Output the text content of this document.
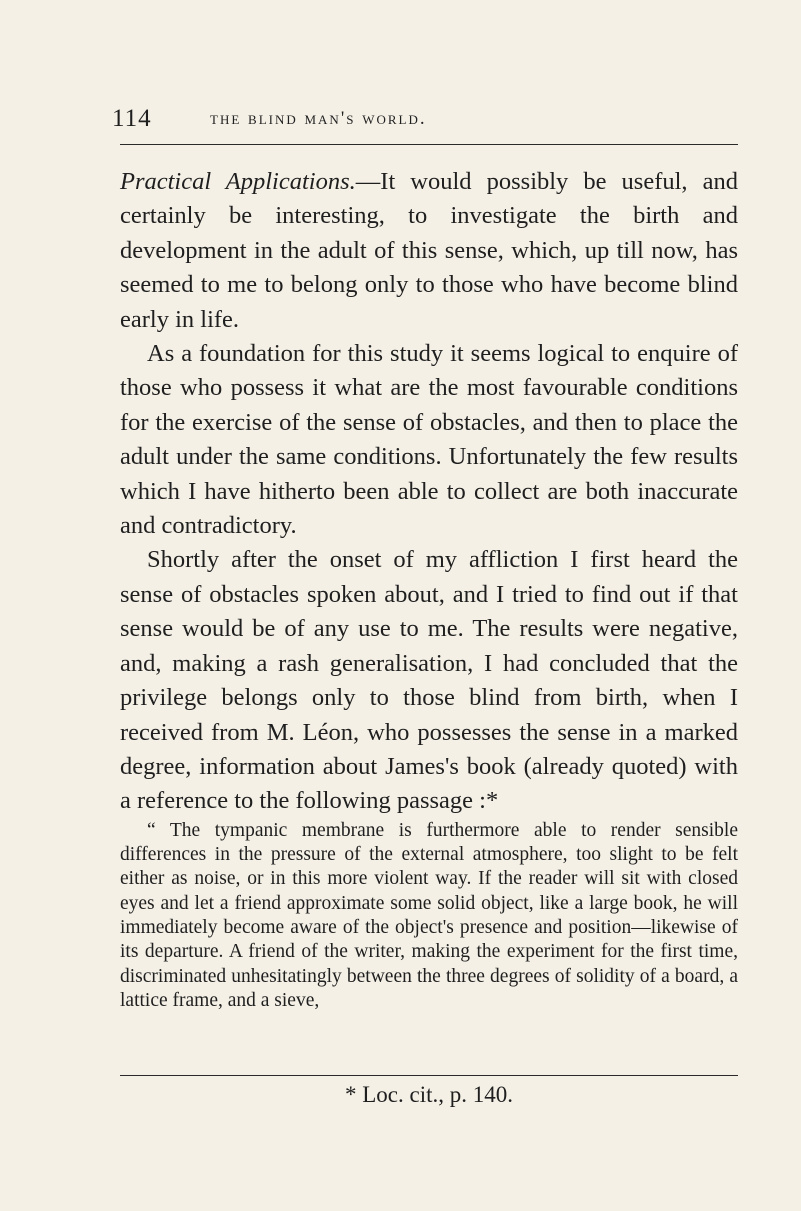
114	the blind man's world.

Practical Applications.—It would possibly be useful, and certainly be interesting, to investigate the birth and development in the adult of this sense, which, up till now, has seemed to me to belong only to those who have become blind early in life.

As a foundation for this study it seems logical to enquire of those who possess it what are the most favourable conditions for the exercise of the sense of obstacles, and then to place the adult under the same conditions. Unfortunately the few results which I have hitherto been able to collect are both inaccurate and contradictory.

Shortly after the onset of my affliction I first heard the sense of obstacles spoken about, and I tried to find out if that sense would be of any use to me. The results were negative, and, making a rash generalisation, I had concluded that the privilege belongs only to those blind from birth, when I received from M. Léon, who possesses the sense in a marked degree, information about James's book (already quoted) with a reference to the following passage :*

“ The tympanic membrane is furthermore able to render sensible differences in the pressure of the external atmosphere, too slight to be felt either as noise, or in this more violent way. If the reader will sit with closed eyes and let a friend approximate some solid object, like a large book, he will immediately become aware of the object's presence and position—likewise of its departure. A friend of the writer, making the experiment for the first time, discriminated unhesitatingly between the three degrees of solidity of a board, a lattice frame, and a sieve,

* Loc. cit., p. 140.
